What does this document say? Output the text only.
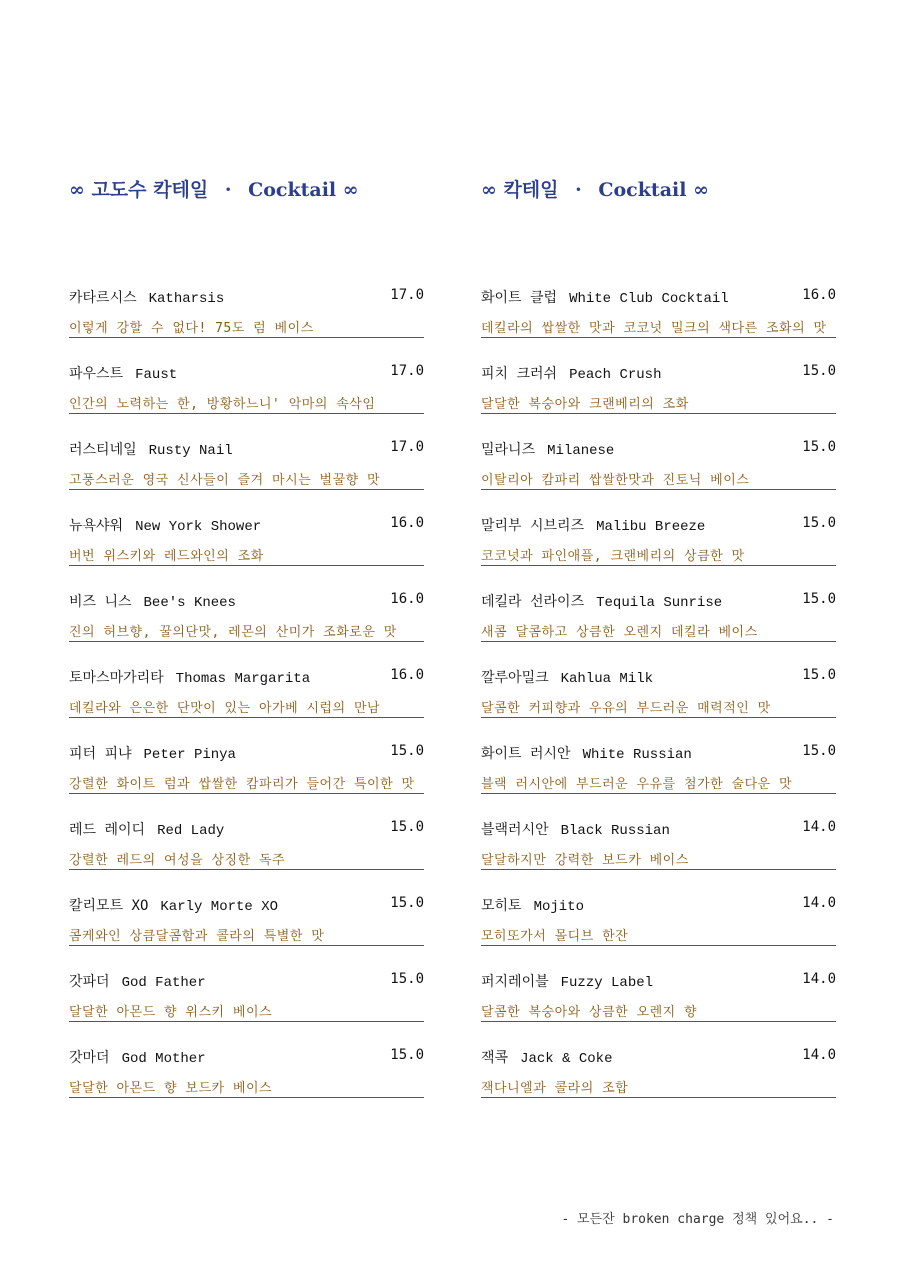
∞ 고도수 칵테일 · Cocktail ∞
카타르시스 Katharsis	17.0
이렇게 강할 수 없다! 75도 럼 베이스
파우스트 Faust	17.0
인간의 노력하는 한, 방황하느니' 악마의 속삭임
러스티네일 Rusty Nail	17.0
고풍스러운 영국 신사들이 즐겨 마시는 벌꿀향 맛
뉴욕샤워 New York Shower	16.0
버번 위스키와 레드와인의 조화
비즈 니스 Bee's Knees	16.0
진의 허브향, 꿀의단맛, 레몬의 산미가 조화로운 맛
토마스마가리타 Thomas Margarita	16.0
데킬라와 은은한 단맛이 있는 아가베 시럽의 만남
피터 피냐 Peter Pinya	15.0
강렬한 화이트 럼과 쌉쌀한 캄파리가 들어간 특이한 맛
레드 레이디 Red Lady	15.0
강렬한 레드의 여성을 상징한 독주
칼리모트 XO Karly Morte XO	15.0
콤케와인 상큼달콤함과 콜라의 특별한 맛
갓파더 God Father	15.0
달달한 아몬드 향 위스키 베이스
갓마더 God Mother	15.0
달달한 아몬드 향 보드카 베이스
∞ 칵테일 · Cocktail ∞
화이트 클럽 White Club Cocktail	16.0
데킬라의 쌉쌀한 맛과 코코넛 밀크의 색다른 조화의 맛
피치 크러쉬 Peach Crush	15.0
달달한 복숭아와 크랜베리의 조화
밀라니즈 Milanese	15.0
이탈리아 캄파리 쌉쌀한맛과 진토닉 베이스
말리부 시브리즈 Malibu Breeze	15.0
코코넛과 파인애플, 크랜베리의 상큼한 맛
데킬라 선라이즈 Tequila Sunrise	15.0
새콤 달콤하고 상큼한 오렌지 데킬라 베이스
깔루아밀크 Kahlua Milk	15.0
달콤한 커피향과 우유의 부드러운 매력적인 맛
화이트 러시안 White Russian	15.0
블랙 러시안에 부드러운 우유를 첨가한 술다운 맛
블랙러시안 Black Russian	14.0
달달하지만 강력한 보드카 베이스
모히토 Mojito	14.0
모히또가서 몰디브 한잔
퍼지레이블 Fuzzy Label	14.0
달콤한 복숭아와 상큼한 오렌지 향
잭콕 Jack & Coke	14.0
잭다니엘과 콜라의 조합
- 모든잔 broken charge 정책 있어요.. -
